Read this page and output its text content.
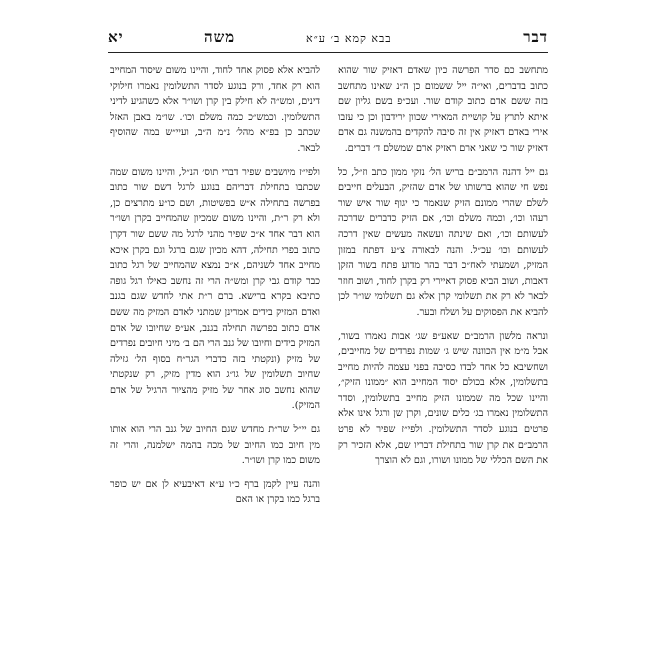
דבר
בבא קמא ב׳ ע״א
משה
יא

מתחשב כם סדר הפרשה כיון שאדם דאזיק שור שהוא כתוב בדברים, ואי״ה ייל ששמום כן ה״נ שאינו מתחשב בזה ששם אדם כתוב קודם שור. ועכ״פ בשם גליון שם איתא לתרץ על קושיית המאירי שכוון ירידבון וכן כי עזבו אירי באדם דאזיק אין זה סיבה להקדים בהמשנה גם אדם דאזיק שור כי שאני ארם ראזיק ארם שמשלם ד׳ דברים.

גם ייל דהנה הרמב״ם בריש הל׳ נזקי ממון כתב וז״ל, כל נפש חי שהוא ברשותו של אדם שהזיק, הבעלים חייבים לשלם שהרי ממונם הזיק שנאמר כי יגוף שור איש שור רעהו וכו׳, וכמה משלם וכו׳, אם הזיק כדברים שדרכה לעשותם וכו׳, ואם שינתה ועשאה מעשים שאין דרכה לעשותם וכו׳ עכ״ל. והנה לבאורה צ״ע דפתח במזון המזיק, ושמעתי לאח״כ דבר בהר מדוע פתח בשור הזקן דאבות, ושוב הביא פסוק דאיירי רק בקרן לחוד, ושוב חוזר לבאר לא רק את תשלומי קרן אלא גם תשלומי שו״ר לכן להביא את הפסוקים על ושלח ובער.

ונראה מלשון הרמב״ם שאע״פ שג׳ אבות נאמרו בשור, אבל מ״מ אין הכוונה שיש ג׳ שמות נפרדים של מחייבים, ושחשיבא כל אחד לבדו כסיבה בפני עצמה להיות מחייב בתשלומין, אלא בכולם יסוד המחייב הוא ״ממונו הזיק״, והיינו שכל מה שממונו הזיק מחייב בתשלומין, וסדר התשלומין נאמרו בג׳ כלים שונים, וקרן שן ורגל אינו אלא פרטים בנוגע לסדר התשלומין. ולפי״ז שפיר לא פרט הרמב״ם את קרן שור בתחילת דבריו שם, אלא הזכיר רק את השם הכללי של ממונו ושורו, וגם לא הוצרך

להביא אלא פסוק אחד לחוד, והיינו משום שיסוד המחייב הוא רק אחד, ורק בנוגע לסדר התשלומין נאמרו חילוקי דינים, ומש״ה לא חילק בין קרן ושו״ר אלא כשהגיע לדיני התשלומין. וכמש״כ כמה משלם וכו׳. שו״מ באבן האזל שכתב כן בפ״א מהל׳ נ״מ ה״ב, ועיי״ש במה שהוסיף לבאר.

ולפי״ז מיושבים שפיר דברי תוס׳ הנ״ל, והיינו משום שמה שכתבו בתחילת דבריהם בנוגע לרגל דשם שור כתוב בפרשה בתחילה א״ש בפשיטות, ושם כו״ע מתרצים כן, ולא רק ר״ת, והיינו משום שמכיון שהמחייב בקרן ושו״ר הוא דבר אחד א״כ שפיר מהני לרגל מה ששם שור דקרן כתוב בפרי תחילה, דהא מכיון שגם ברגל וגם בקרן איכא מחייב אחד לשניהם, א״כ נמצא שהמחייב של רגל כתוב כבר קודם גבי קרן ומש״ה הרי זה נחשב כאילו רגל גופה כתיבא בקרא ברישא. ברם ר״ת אתי לחדש שגם בגנב ואדם המזיק בידים אמרינן שמתני לאדם המזיק מה ששם אדם כתוב בפרשה תחילה בגנב, אע״פ שחיובו של אדם המזיק בידים וחיובו של גנב הרי הם ב׳ מיני חיובים נפרדים של מזיק (ונקטתי בזה כדברי הגר״ח בסוף הל׳ גזילה שחיוב תשלומין של גו״ג הוא מדין מזיק, רק שנקטתי שהוא נחשב סוג אחר של מזיק מהציור הרגיל של אדם המזיק).

גם יי״ל שר״ת מחדש שגם החיוב של גנב הרי הוא אותו מין חיוב כמו החיוב של מכה בהמה ישלמנה, והרי זה משום כמו קרן ושו״ר.

והנה עיין לקמן ברף כ״ו ע״א דאיבעיא לן אם יש כופר ברגל כמו בקרן או האם
